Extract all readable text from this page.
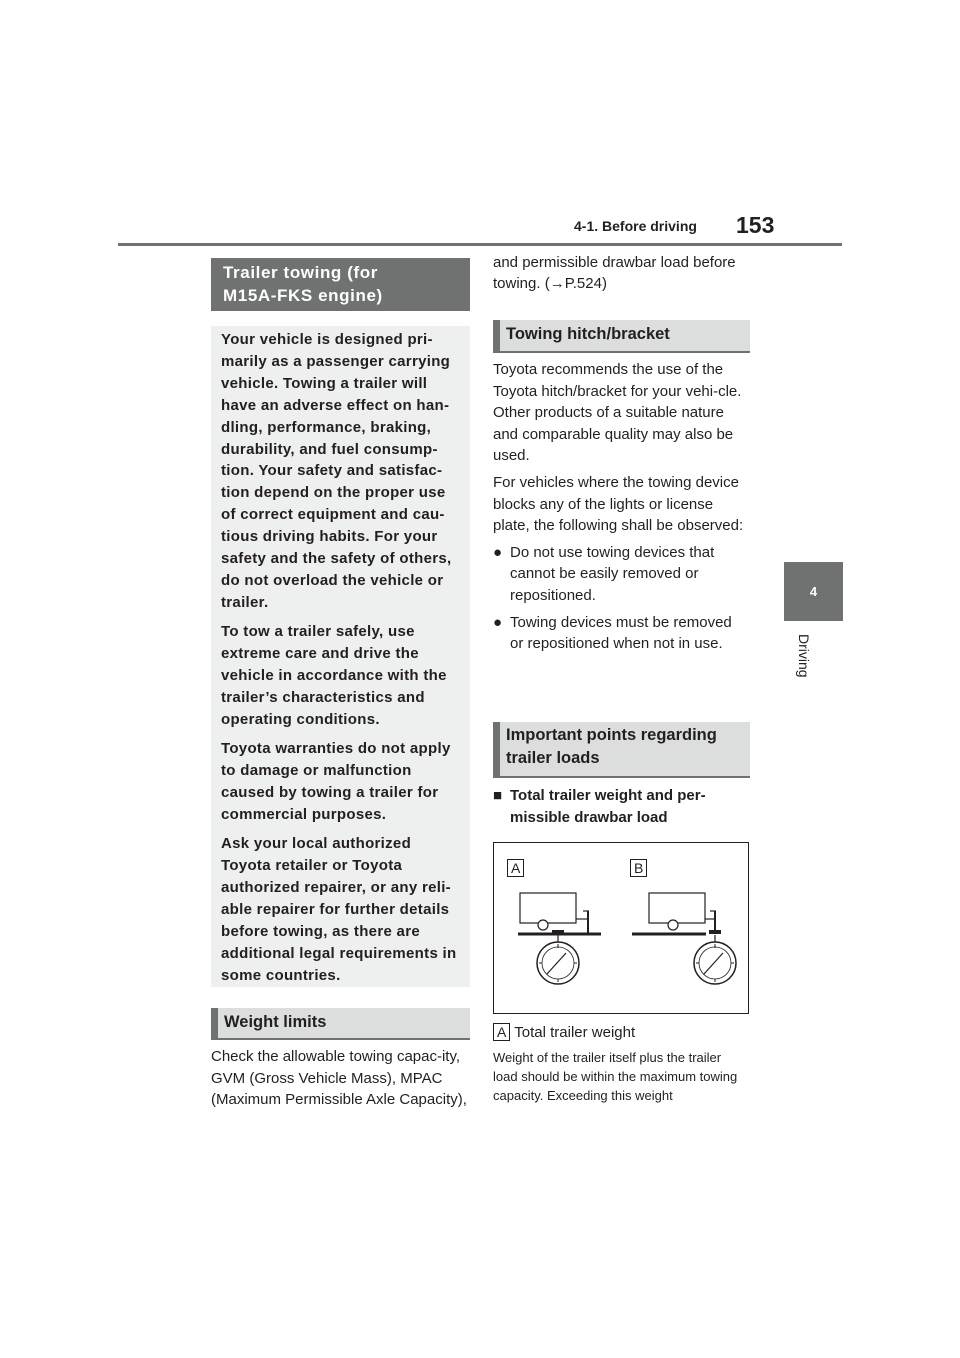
4-1. Before driving 153
4
Driving
Trailer towing (for
M15A-FKS engine)

Your vehicle is designed pri-marily as a passenger carrying vehicle. Towing a trailer will have an adverse effect on han-dling, performance, braking, durability, and fuel consump-tion. Your safety and satisfac-tion depend on the proper use of correct equipment and cau-tious driving habits. For your safety and the safety of others, do not overload the vehicle or trailer.

To tow a trailer safely, use extreme care and drive the vehicle in accordance with the trailer’s characteristics and operating conditions.

Toyota warranties do not apply to damage or malfunction caused by towing a trailer for commercial purposes.

Ask your local authorized Toyota retailer or Toyota authorized repairer, or any reli-able repairer for further details before towing, as there are additional legal requirements in some countries.

Weight limits
Check the allowable towing capac-ity, GVM (Gross Vehicle Mass), MPAC (Maximum Permissible Axle Capacity),
and permissible drawbar load before towing. (→P.524)
Towing hitch/bracket

Toyota recommends the use of the Toyota hitch/bracket for your vehi-cle. Other products of a suitable nature and comparable quality may also be used.

For vehicles where the towing device blocks any of the lights or license plate, the following shall be observed:

● Do not use towing devices that cannot be easily removed or repositioned.
● Towing devices must be removed or repositioned when not in use.
Important points regarding
trailer loads
■ Total trailer weight and per-missible drawbar load
A	B
A Total trailer weight
Weight of the trailer itself plus the trailer load should be within the maximum towing capacity. Exceeding this weight
